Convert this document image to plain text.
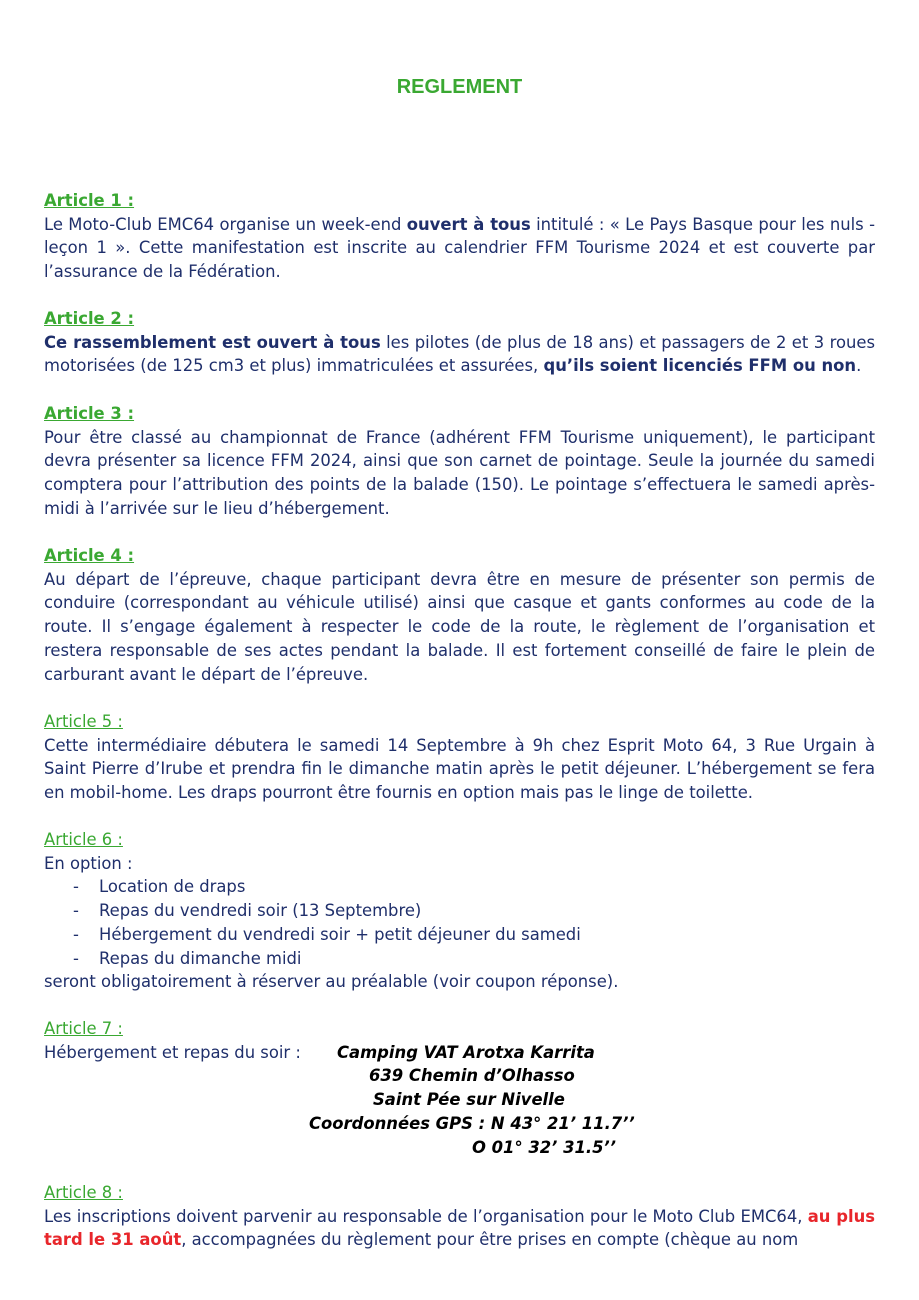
REGLEMENT
Article 1 :
Le Moto-Club EMC64 organise un week-end ouvert à tous intitulé : « Le Pays Basque pour les nuls - leçon 1 ». Cette manifestation est inscrite au calendrier FFM Tourisme 2024 et est couverte par l’assurance de la Fédération.
Article 2 :
Ce rassemblement est ouvert à tous les pilotes (de plus de 18 ans) et passagers de 2 et 3 roues motorisées (de 125 cm3 et plus) immatriculées et assurées, qu’ils soient licenciés FFM ou non.
Article 3 :
Pour être classé au championnat de France (adhérent FFM Tourisme uniquement), le participant devra présenter sa licence FFM 2024, ainsi que son carnet de pointage. Seule la journée du samedi comptera pour l’attribution des points de la balade (150). Le pointage s’effectuera le samedi après-midi à l’arrivée sur le lieu d’hébergement.
Article 4 :
Au départ de l’épreuve, chaque participant devra être en mesure de présenter son permis de conduire (correspondant au véhicule utilisé) ainsi que casque et gants conformes au code de la route. Il s’engage également à respecter le code de la route, le règlement de l’organisation et restera responsable de ses actes pendant la balade. Il est fortement conseillé de faire le plein de carburant avant le départ de l’épreuve.
Article 5 :
Cette intermédiaire débutera le samedi 14 Septembre à 9h chez Esprit Moto 64, 3 Rue Urgain à Saint Pierre d’Irube et prendra fin le dimanche matin après le petit déjeuner. L’hébergement se fera en mobil-home. Les draps pourront être fournis en option mais pas le linge de toilette.
Article 6 :
En option :
- Location de draps
- Repas du vendredi soir (13 Septembre)
- Hébergement du vendredi soir + petit déjeuner du samedi
- Repas du dimanche midi
seront obligatoirement à réserver au préalable (voir coupon réponse).
Article 7 :
Hébergement et repas du soir : Camping VAT Arotxa Karrita
639 Chemin d’Olhasso
Saint Pée sur Nivelle
Coordonnées GPS : N 43° 21’ 11.7’’
O 01° 32’ 31.5’’
Article 8 :
Les inscriptions doivent parvenir au responsable de l’organisation pour le Moto Club EMC64, au plus tard le 31 août, accompagnées du règlement pour être prises en compte (chèque au nom
